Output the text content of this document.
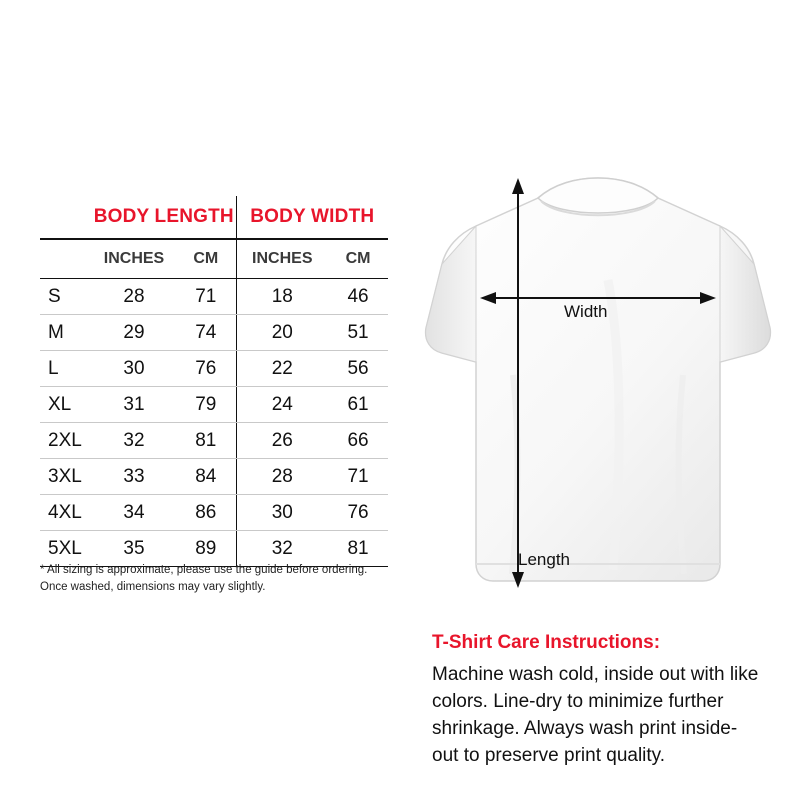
	BODY LENGTH		BODY WIDTH	
	INCHES	CM	INCHES	CM
S	28	71	18	46
M	29	74	20	51
L	30	76	22	56
XL	31	79	24	61
2XL	32	81	26	66
3XL	33	84	28	71
4XL	34	86	30	76
5XL	35	89	32	81
* All sizing is approximate, please use the guide before ordering. Once washed, dimensions may vary slightly.
Width
Length
T-Shirt Care Instructions:
Machine wash cold, inside out with like colors. Line-dry to minimize further shrinkage. Always wash print inside-out to preserve print quality.
